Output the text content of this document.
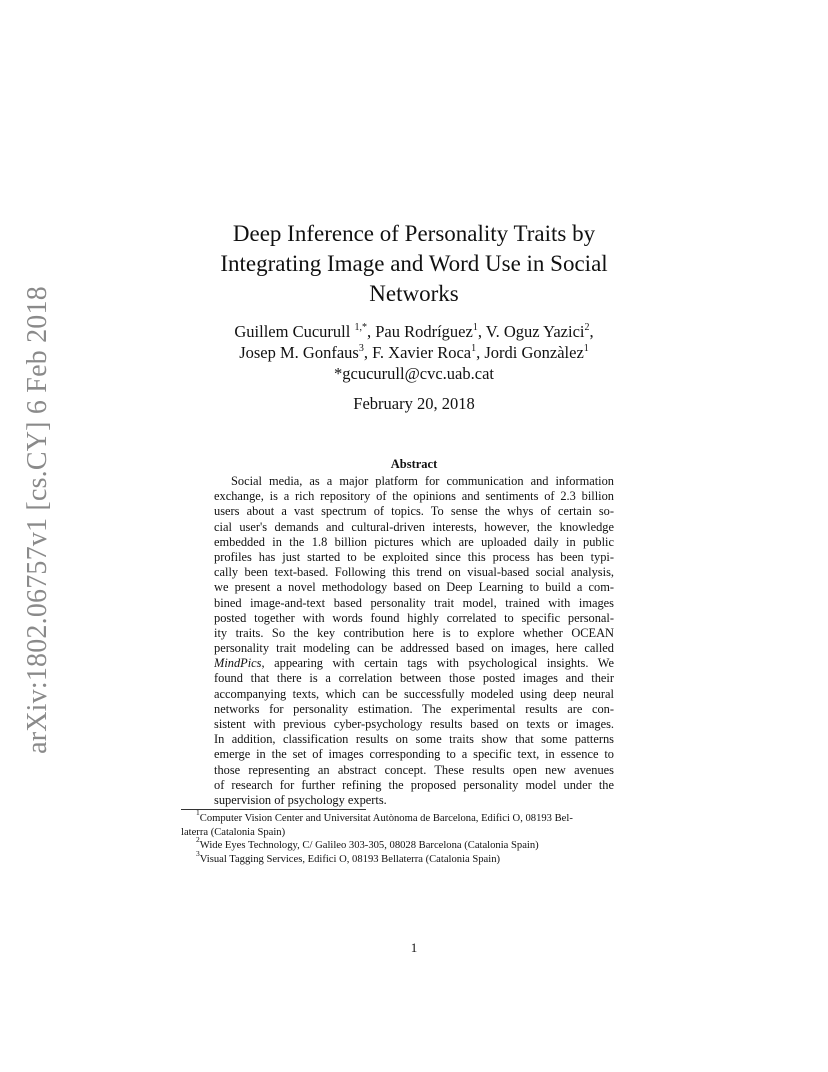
arXiv:1802.06757v1 [cs.CY] 6 Feb 2018
Deep Inference of Personality Traits by
Integrating Image and Word Use in Social
Networks
Guillem Cucurull $^{1,*}$, Pau Rodríguez$^1$, V. Oguz Yazici$^2$,
Josep M. Gonfaus$^3$, F. Xavier Roca$^1$, Jordi Gonzàlez$^1$
*gcucurull@cvc.uab.cat
February 20, 2018
Abstract
Social media, as a major platform for communication and information
exchange, is a rich repository of the opinions and sentiments of 2.3 billion
users about a vast spectrum of topics. To sense the whys of certain so-
cial user's demands and cultural-driven interests, however, the knowledge
embedded in the 1.8 billion pictures which are uploaded daily in public
profiles has just started to be exploited since this process has been typi-
cally been text-based. Following this trend on visual-based social analysis,
we present a novel methodology based on Deep Learning to build a com-
bined image-and-text based personality trait model, trained with images
posted together with words found highly correlated to specific personal-
ity traits. So the key contribution here is to explore whether OCEAN
personality trait modeling can be addressed based on images, here called
MindPics, appearing with certain tags with psychological insights. We
found that there is a correlation between those posted images and their
accompanying texts, which can be successfully modeled using deep neural
networks for personality estimation. The experimental results are con-
sistent with previous cyber-psychology results based on texts or images.
In addition, classification results on some traits show that some patterns
emerge in the set of images corresponding to a specific text, in essence to
those representing an abstract concept. These results open new avenues
of research for further refining the proposed personality model under the
supervision of psychology experts.
$^1$Computer Vision Center and Universitat Autònoma de Barcelona, Edifici O, 08193 Bel-
laterra (Catalonia Spain)
$^2$Wide Eyes Technology, C/ Galileo 303-305, 08028 Barcelona (Catalonia Spain)
$^3$Visual Tagging Services, Edifici O, 08193 Bellaterra (Catalonia Spain)
1
